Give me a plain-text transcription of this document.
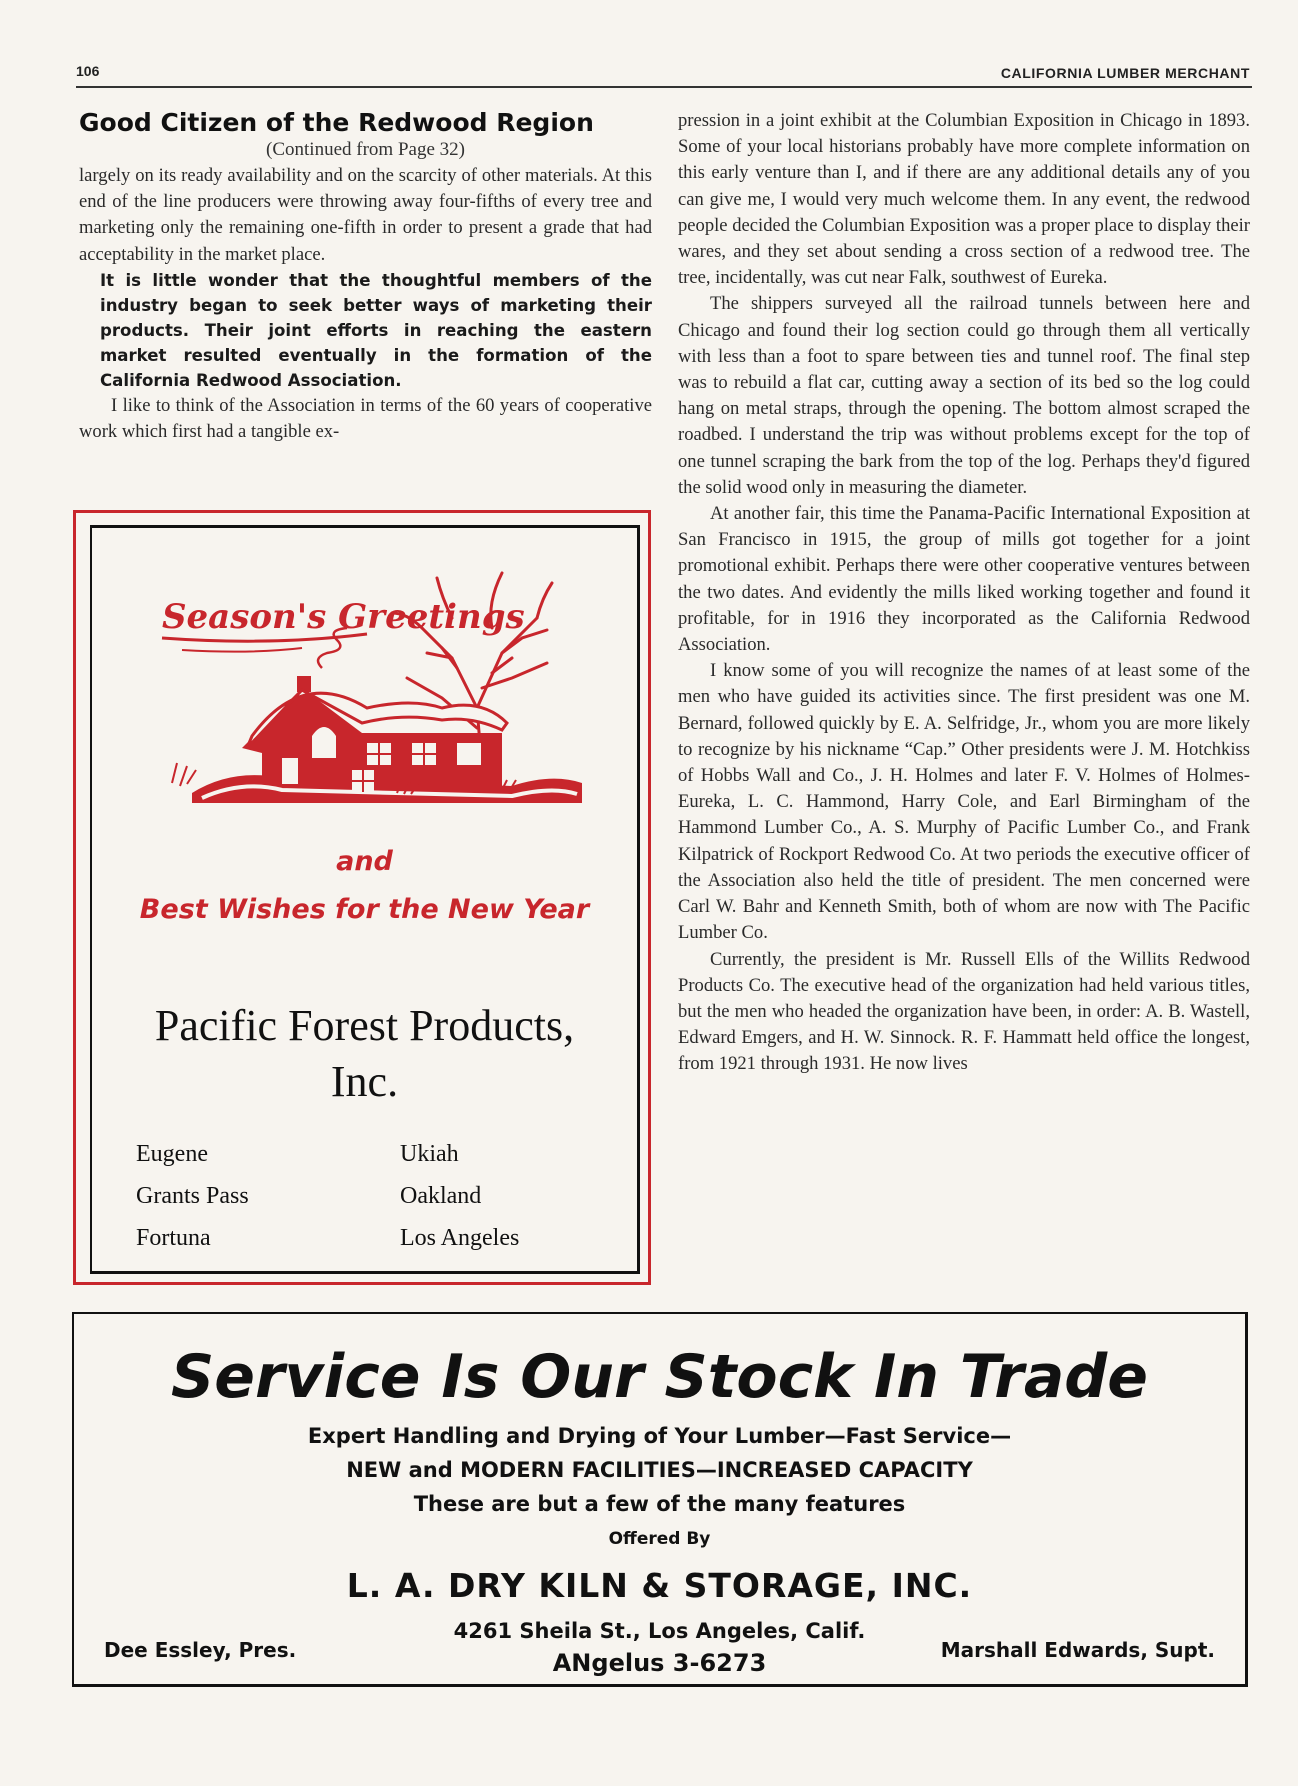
106	CALIFORNIA LUMBER MERCHANT
Good Citizen of the Redwood Region
(Continued from Page 32)

largely on its ready availability and on the scarcity of other materials. At this end of the line producers were throwing away four-fifths of every tree and marketing only the remaining one-fifth in order to present a grade that had acceptability in the market place.

It is little wonder that the thoughtful members of the industry began to seek better ways of marketing their products. Their joint efforts in reaching the eastern market resulted eventually in the formation of the California Redwood Association.

I like to think of the Association in terms of the 60 years of cooperative work which first had a tangible ex-

pression in a joint exhibit at the Columbian Exposition in Chicago in 1893. Some of your local historians probably have more complete information on this early venture than I, and if there are any additional details any of you can give me, I would very much welcome them. In any event, the redwood people decided the Columbian Exposition was a proper place to display their wares, and they set about sending a cross section of a redwood tree. The tree, incidentally, was cut near Falk, southwest of Eureka.

The shippers surveyed all the railroad tunnels between here and Chicago and found their log section could go through them all vertically with less than a foot to spare between ties and tunnel roof. The final step was to rebuild a flat car, cutting away a section of its bed so the log could hang on metal straps, through the opening. The bottom almost scraped the roadbed. I understand the trip was without problems except for the top of one tunnel scraping the bark from the top of the log. Perhaps they'd figured the solid wood only in measuring the diameter.

At another fair, this time the Panama-Pacific International Exposition at San Francisco in 1915, the group of mills got together for a joint promotional exhibit. Perhaps there were other cooperative ventures between the two dates. And evidently the mills liked working together and found it profitable, for in 1916 they incorporated as the California Redwood Association.

I know some of you will recognize the names of at least some of the men who have guided its activities since. The first president was one M. Bernard, followed quickly by E. A. Selfridge, Jr., whom you are more likely to recognize by his nickname “Cap.” Other presidents were J. M. Hotchkiss of Hobbs Wall and Co., J. H. Holmes and later F. V. Holmes of Holmes-Eureka, L. C. Hammond, Harry Cole, and Earl Birmingham of the Hammond Lumber Co., A. S. Murphy of Pacific Lumber Co., and Frank Kilpatrick of Rockport Redwood Co. At two periods the executive officer of the Association also held the title of president. The men concerned were Carl W. Bahr and Kenneth Smith, both of whom are now with The Pacific Lumber Co.

Currently, the president is Mr. Russell Ells of the Willits Redwood Products Co. The executive head of the organization had held various titles, but the men who headed the organization have been, in order: A. B. Wastell, Edward Emgers, and H. W. Sinnock. R. F. Hammatt held office the longest, from 1921 through 1931. He now lives

Season's Greetings
and
Best Wishes for the New Year
Pacific Forest Products,
Inc.
Eugene
Grants Pass
Fortuna
Ukiah
Oakland
Los Angeles
Service Is Our Stock In Trade
Expert Handling and Drying of Your Lumber—Fast Service—
NEW and MODERN FACILITIES—INCREASED CAPACITY
These are but a few of the many features
Offered By
L. A. DRY KILN & STORAGE, INC.
4261 Sheila St., Los Angeles, Calif.
ANgelus 3-6273
Dee Essley, Pres.	Marshall Edwards, Supt.
